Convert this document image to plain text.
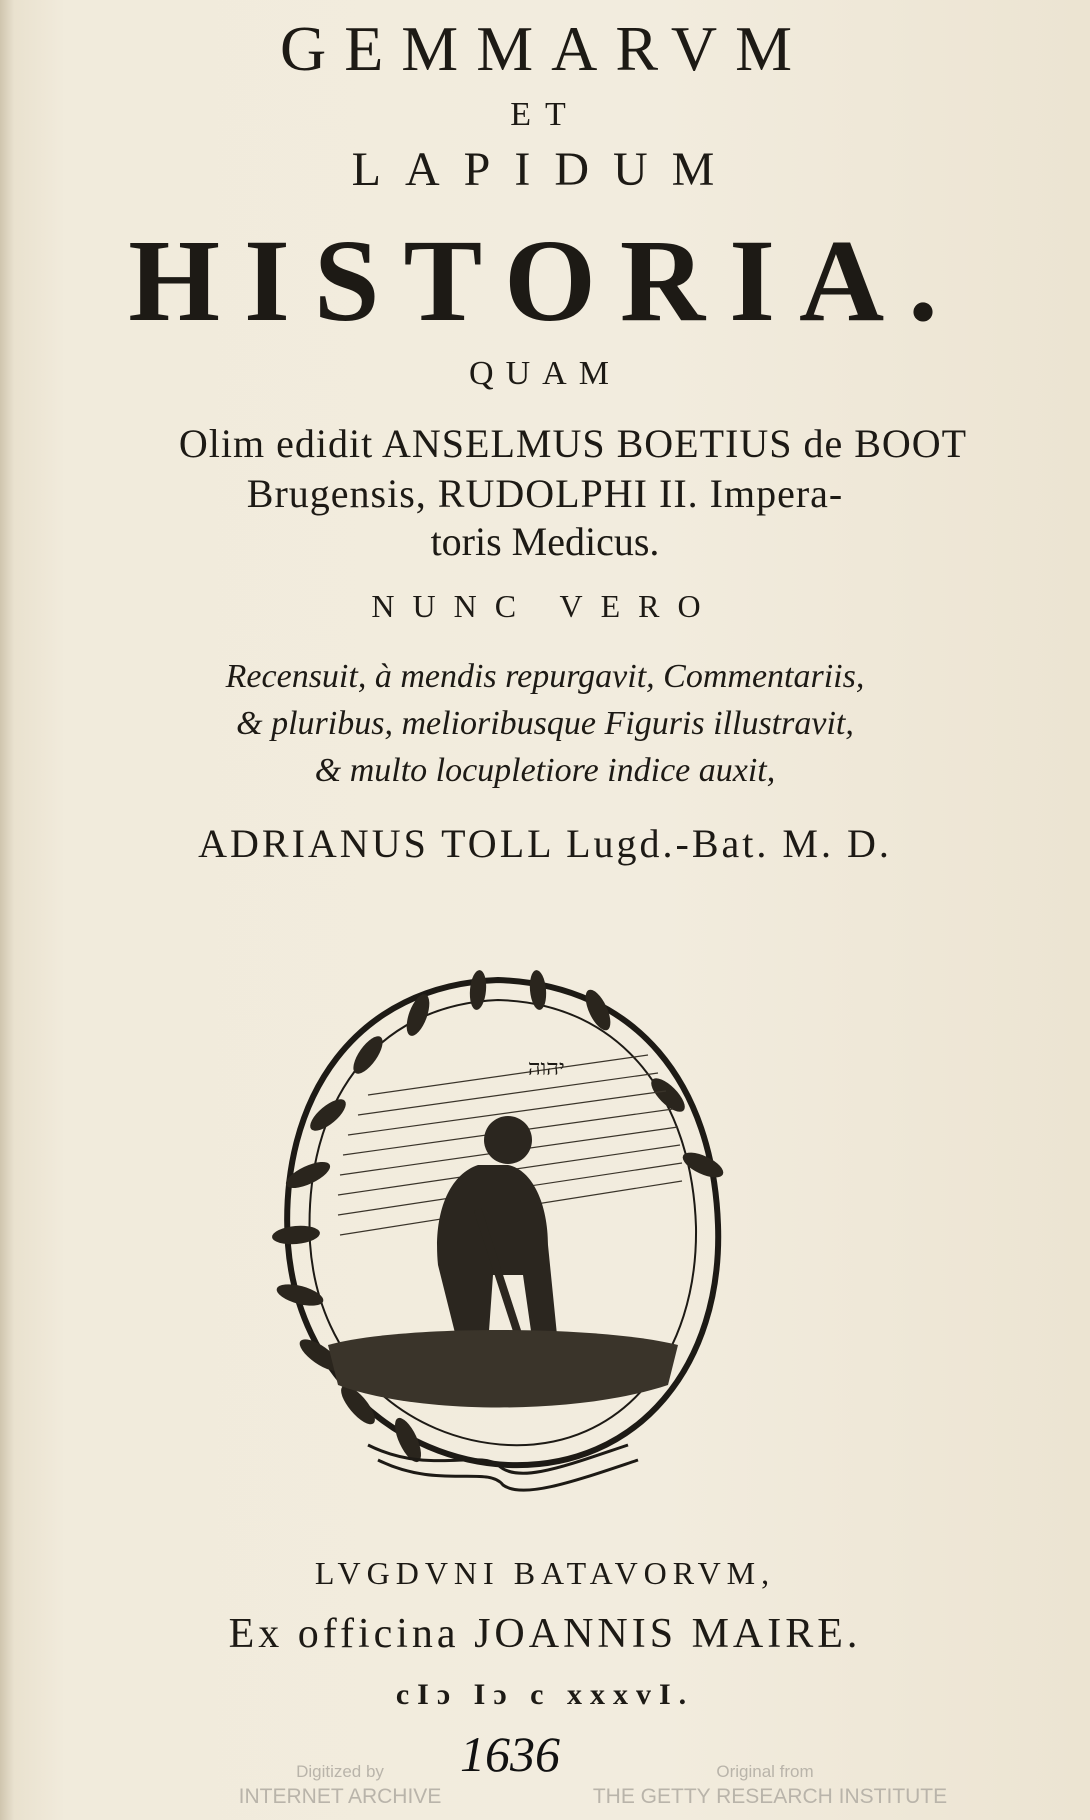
GEMMARVM
ET
LAPIDUM
HISTORIA.
QUAM
Olim edidit ANSELMUS BOETIUS de BOOT
Brugensis, RUDOLPHI II. Impera-
toris Medicus.
NUNC VERO
Recensuit, à mendis repurgavit, Commentariis,
& pluribus, melioribusque Figuris illustravit,
& multo locupletiore indice auxit,
ADRIANUS TOLL Lugd.-Bat. M. D.
יהוה
LVGDVNI BATAVORVM,
Ex officina JOANNIS MAIRE.
cIɔ Iɔ c xxxvI.
1636
Digitized by
INTERNET ARCHIVE
Original from
THE GETTY RESEARCH INSTITUTE
